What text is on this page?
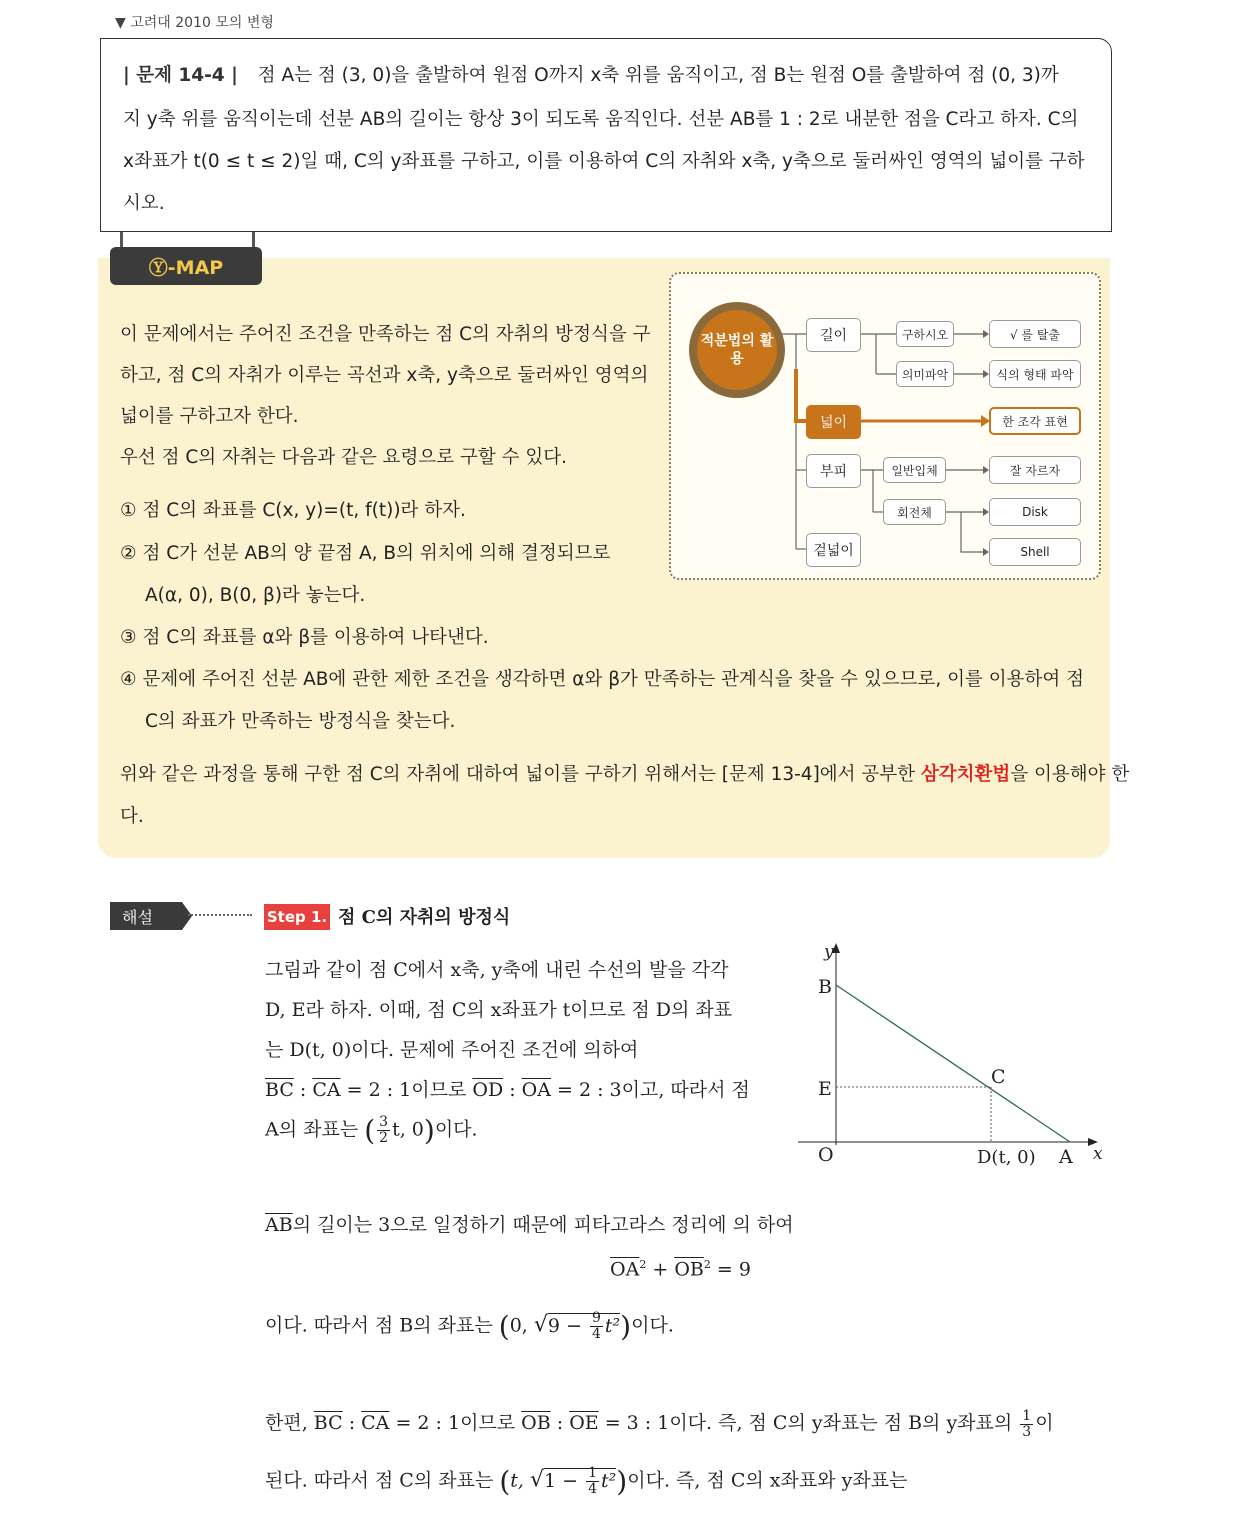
▼ 고려대 2010 모의 변형
| 문제 14-4 | 점 A는 점 (3, 0)을 출발하여 원점 O까지 x축 위를 움직이고, 점 B는 원점 O를 출발하여 점 (0, 3)까
지 y축 위를 움직이는데 선분 AB의 길이는 항상 3이 되도록 움직인다. 선분 AB를 1 : 2로 내분한 점을 C라고 하자. C의
x좌표가 t(0 ≤ t ≤ 2)일 때, C의 y좌표를 구하고, 이를 이용하여 C의 자취와 x축, y축으로 둘러싸인 영역의 넓이를 구하
시오.
Ⓨ-MAP
이 문제에서는 주어진 조건을 만족하는 점 C의 자취의 방정식을 구
하고, 점 C의 자취가 이루는 곡선과 x축, y축으로 둘러싸인 영역의
넓이를 구하고자 한다.
우선 점 C의 자취는 다음과 같은 요령으로 구할 수 있다.
① 점 C의 좌표를 C(x, y)=(t, f(t))라 하자.
② 점 C가 선분 AB의 양 끝점 A, B의 위치에 의해 결정되므로
A(α, 0), B(0, β)라 놓는다.
③ 점 C의 좌표를 α와 β를 이용하여 나타낸다.
④ 문제에 주어진 선분 AB에 관한 제한 조건을 생각하면 α와 β가 만족하는 관계식을 찾을 수 있으므로, 이를 이용하여 점
C의 좌표가 만족하는 방정식을 찾는다.
위와 같은 과정을 통해 구한 점 C의 자취에 대하여 넓이를 구하기 위해서는 [문제 13-4]에서 공부한 삼각치환법을 이용해야 한
다.
적분법의 활용
길이
넓이
부피
겉넓이
구하시오
의미파악
√ 를 탈출
식의 형태 파악
한 조각 표현
일반입체
회전체
잘 자르자
Disk
Shell
해설	Step 1. 점 C의 자취의 방정식
그림과 같이 점 C에서 x축, y축에 내린 수선의 발을 각각
D, E라 하자. 이때, 점 C의 x좌표가 t이므로 점 D의 좌표
는 D(t, 0)이다. 문제에 주어진 조건에 의하여
$\overline{BC}$ : $\overline{CA} = 2$ : 1이므로 $\overline{OD}$ : $\overline{OA} = 2$ : 3이고, 따라서 점
A의 좌표는 ( $\frac{3}{2} t$, 0)이다.
$\overline{AB}$의 길이는 3으로 일정하기 때문에 피타고라스 정리에 의 하여
$\overline{OA}^2 + \overline{OB}^2 = 9$
이다. 따라서 점 B의 좌표는 (0, $√9 - \frac{9}{4} t^2$)이다.
한편, $\overline{BC}$ : $\overline{CA} = 2$ : 1이므로 $\overline{OB}$ : $\overline{OE} = 3$ : 1이다. 즉, 점 C의 y좌표는 점 B의 y좌표의 $\frac{1}{3}$ 이
된다. 따라서 점 C의 좌표는 (t, $√1 - \frac{1}{4} t^2$)이다. 즉, 점 C의 x좌표와 y좌표는
y
B
E
O
C
D(t, 0) A x
